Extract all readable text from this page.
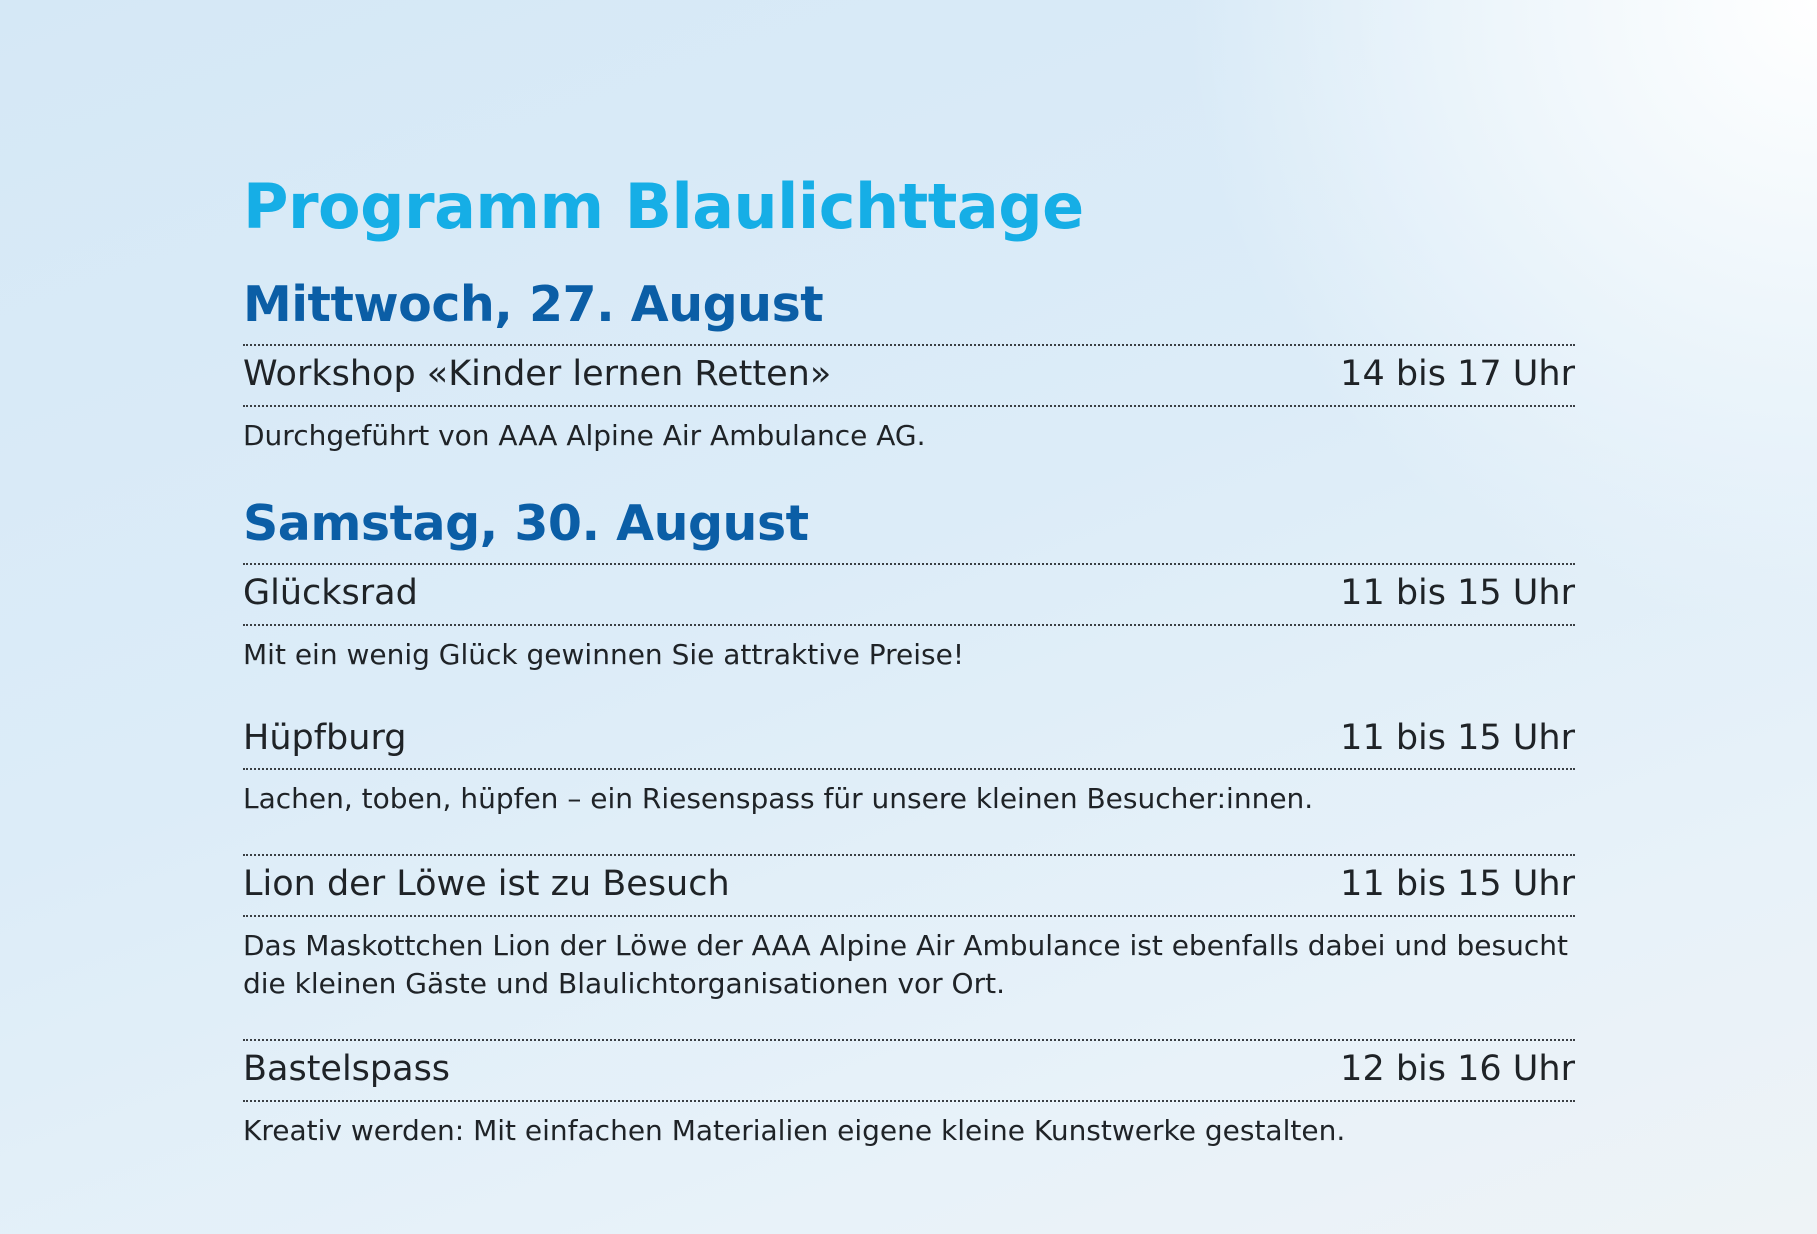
Programm Blaulichttage
Mittwoch, 27. August
Workshop «Kinder lernen Retten»	14 bis 17 Uhr
Durchgeführt von AAA Alpine Air Ambulance AG.
Samstag, 30. August
Glücksrad	11 bis 15 Uhr
Mit ein wenig Glück gewinnen Sie attraktive Preise!
Hüpfburg	11 bis 15 Uhr
Lachen, toben, hüpfen – ein Riesenspass für unsere kleinen Besucher:innen.
Lion der Löwe ist zu Besuch	11 bis 15 Uhr
Das Maskottchen Lion der Löwe der AAA Alpine Air Ambulance ist ebenfalls dabei und besucht die kleinen Gäste und Blaulichtorganisationen vor Ort.
Bastelspass	12 bis 16 Uhr
Kreativ werden: Mit einfachen Materialien eigene kleine Kunstwerke gestalten.
